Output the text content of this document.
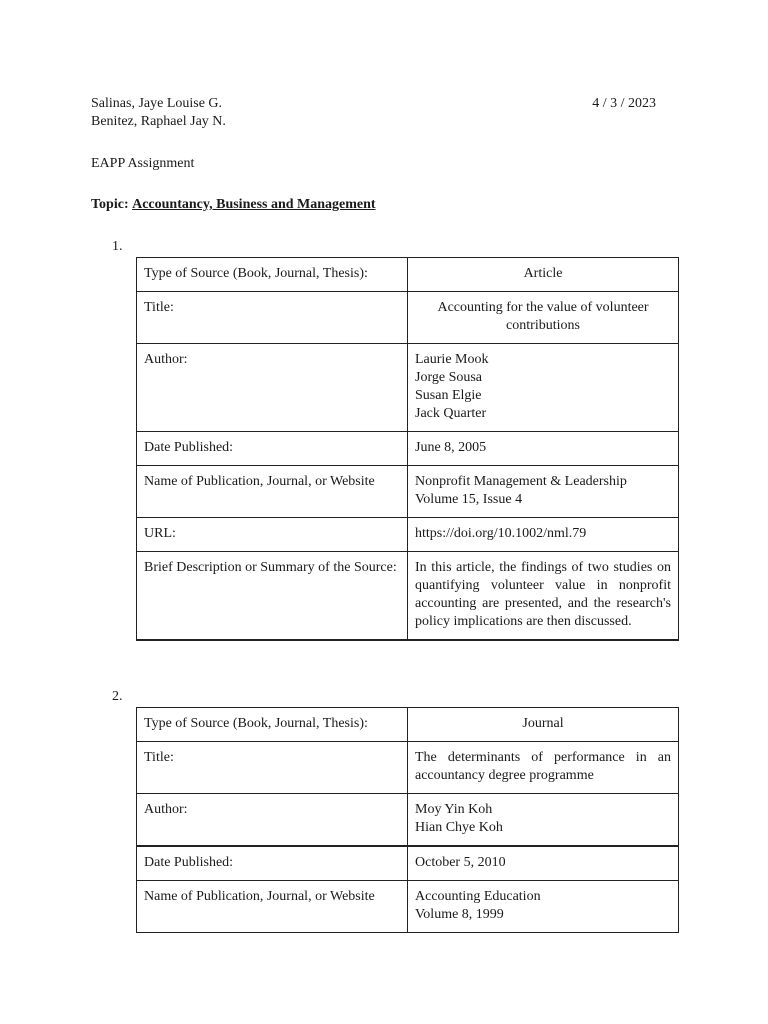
Salinas, Jaye Louise G.
Benitez, Raphael Jay N.
4 / 3 / 2023
EAPP Assignment
Topic: Accountancy, Business and Management
1.
Type of Source (Book, Journal, Thesis):	Article
Title:	Accounting for the value of volunteer contributions
Author:	Laurie Mook
Jorge Sousa
Susan Elgie
Jack Quarter

Date Published:	June 8, 2005
Name of Publication, Journal, or Website	Nonprofit Management & Leadership
Volume 15, Issue 4

URL:	https://doi.org/10.1002/nml.79
Brief Description or Summary of the Source:	In this article, the findings of two studies on quantifying volunteer value in nonprofit accounting are presented, and the research's policy implications are then discussed.
2.
Type of Source (Book, Journal, Thesis):	Journal
Title:	The determinants of performance in an accountancy degree programme
Author:	Moy Yin Koh
Hian Chye Koh

Date Published:	October 5, 2010
Name of Publication, Journal, or Website	Accounting Education
Volume 8, 1999
